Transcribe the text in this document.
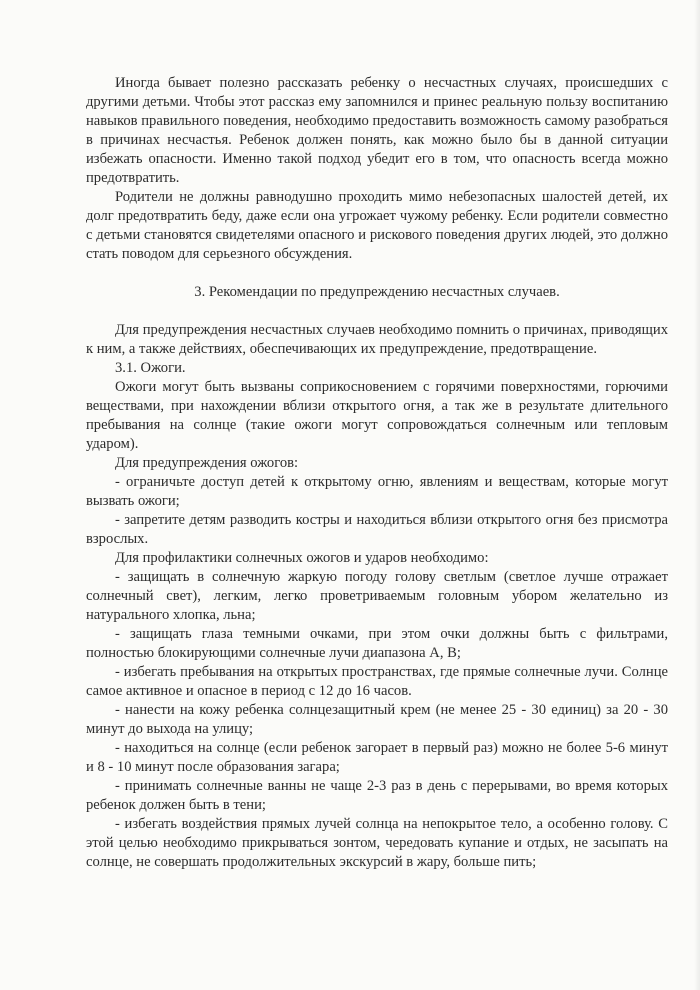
Иногда бывает полезно рассказать ребенку о несчастных случаях, происшедших с другими детьми. Чтобы этот рассказ ему запомнился и принес реальную пользу воспитанию навыков правильного поведения, необходимо предоставить возможность самому разобраться в причинах несчастья. Ребенок должен понять, как можно было бы в данной ситуации избежать опасности. Именно такой подход убедит его в том, что опасность всегда можно предотвратить.

Родители не должны равнодушно проходить мимо небезопасных шалостей детей, их долг предотвратить беду, даже если она угрожает чужому ребенку. Если родители совместно с детьми становятся свидетелями опасного и рискового поведения других людей, это должно стать поводом для серьезного обсуждения.

3. Рекомендации по предупреждению несчастных случаев.

Для предупреждения несчастных случаев необходимо помнить о причинах, приводящих к ним, а также действиях, обеспечивающих их предупреждение, предотвращение.

3.1. Ожоги.

Ожоги могут быть вызваны соприкосновением с горячими поверхностями, горючими веществами, при нахождении вблизи открытого огня, а так же в результате длительного пребывания на солнце (такие ожоги могут сопровождаться солнечным или тепловым ударом).

Для предупреждения ожогов:

- ограничьте доступ детей к открытому огню, явлениям и веществам, которые могут вызвать ожоги;

- запретите детям разводить костры и находиться вблизи открытого огня без присмотра взрослых.

Для профилактики солнечных ожогов и ударов необходимо:

- защищать в солнечную жаркую погоду голову светлым (светлое лучше отражает солнечный свет), легким, легко проветриваемым головным убором желательно из натурального хлопка, льна;

- защищать глаза темными очками, при этом очки должны быть с фильтрами, полностью блокирующими солнечные лучи диапазона А, В;

- избегать пребывания на открытых пространствах, где прямые солнечные лучи. Солнце самое активное и опасное в период с 12 до 16 часов.

- нанести на кожу ребенка солнцезащитный крем (не менее 25 - 30 единиц) за 20 - 30 минут до выхода на улицу;

- находиться на солнце (если ребенок загорает в первый раз) можно не более 5-6 минут и 8 - 10 минут после образования загара;

- принимать солнечные ванны не чаще 2-3 раз в день с перерывами, во время которых ребенок должен быть в тени;

- избегать воздействия прямых лучей солнца на непокрытое тело, а особенно голову. С этой целью необходимо прикрываться зонтом, чередовать купание и отдых, не засыпать на солнце, не совершать продолжительных экскурсий в жару, больше пить;
